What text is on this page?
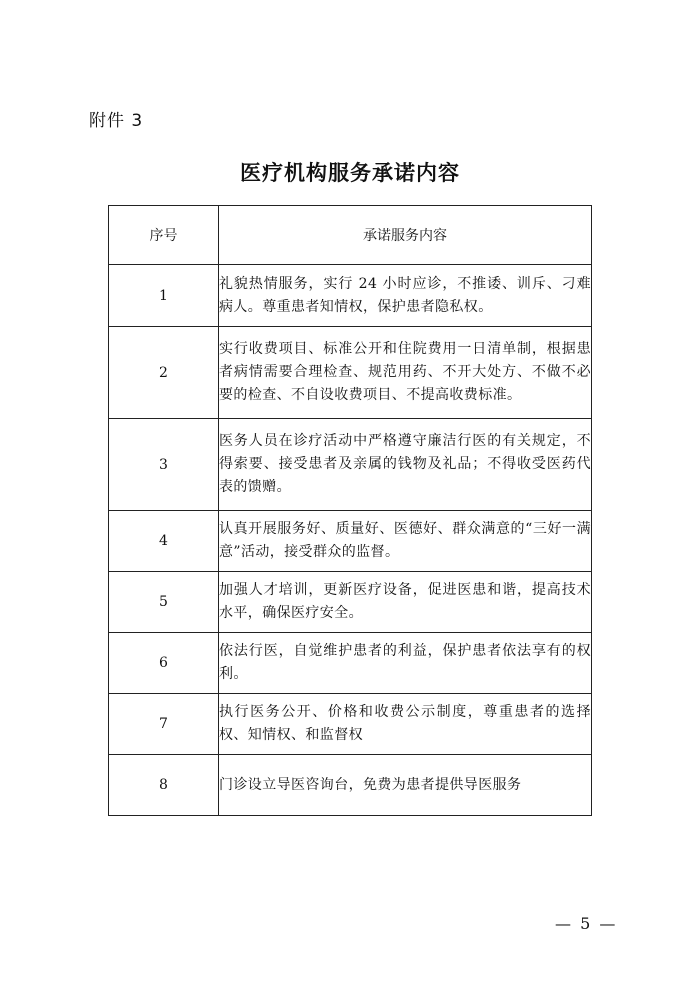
附件 3
医疗机构服务承诺内容
序号	承诺服务内容
1	礼貌热情服务，实行 24 小时应诊，不推诿、训斥、刁难病人。尊重患者知情权，保护患者隐私权。
2	实行收费项目、标准公开和住院费用一日清单制，根据患者病情需要合理检查、规范用药、不开大处方、不做不必要的检查、不自设收费项目、不提高收费标准。
3	医务人员在诊疗活动中严格遵守廉洁行医的有关规定，不得索要、接受患者及亲属的钱物及礼品；不得收受医药代表的馈赠。
4	认真开展服务好、质量好、医德好、群众满意的“三好一满意”活动，接受群众的监督。
5	加强人才培训，更新医疗设备，促进医患和谐，提高技术水平，确保医疗安全。
6	依法行医，自觉维护患者的利益，保护患者依法享有的权利。
7	执行医务公开、价格和收费公示制度，尊重患者的选择权、知情权、和监督权
8	门诊设立导医咨询台，免费为患者提供导医服务
— 5 —
